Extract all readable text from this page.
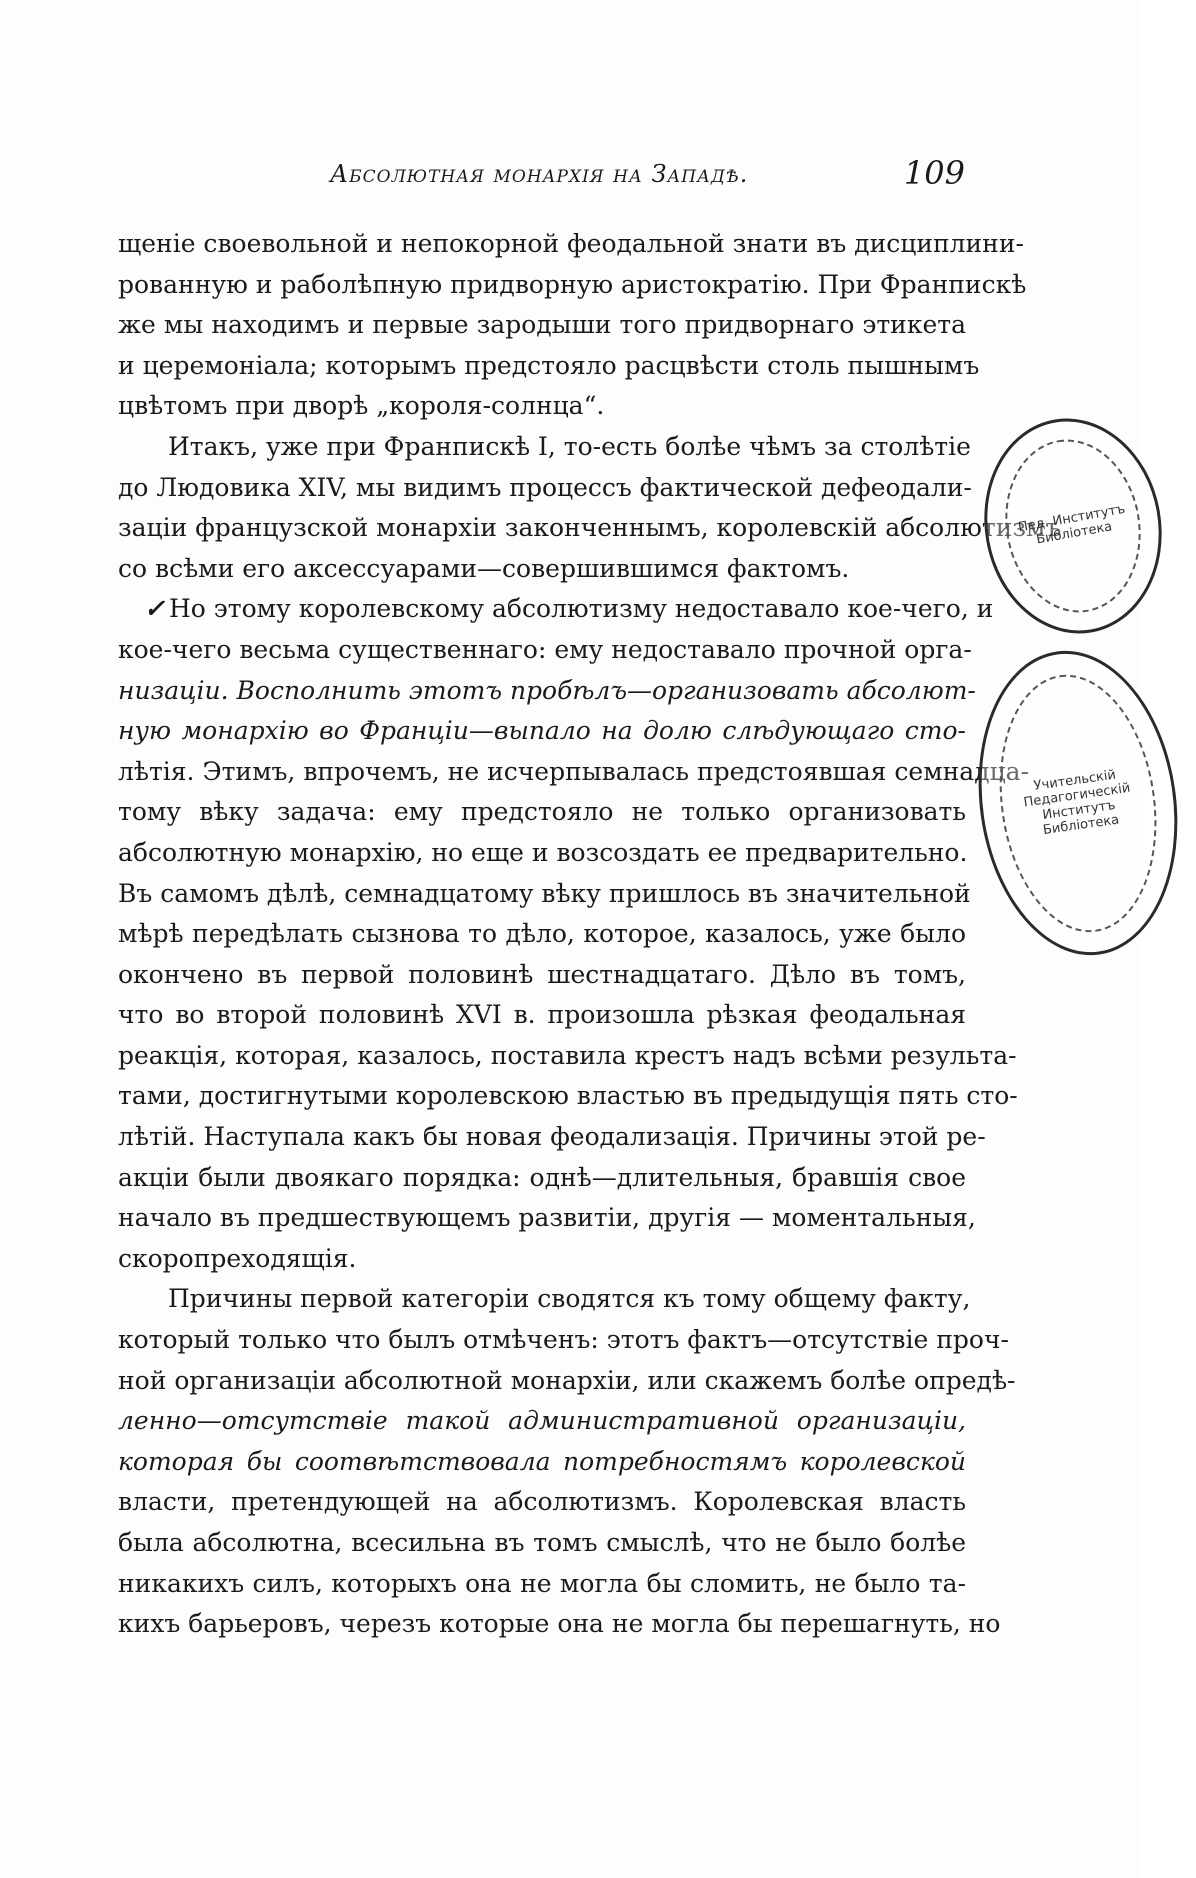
Абсолютная монархія на Западѣ.	109
щеніе своевольной и непокорной феодальной знати въ дисциплини-
рованную и раболѣпную придворную аристократію. При Франпискѣ
же мы находимъ и первые зародыши того придворнаго этикета
и церемоніала; которымъ предстояло расцвѣсти столь пышнымъ
цвѣтомъ при дворѣ „короля-солнца“.
Итакъ, уже при Франпискѣ I, то-есть болѣе чѣмъ за столѣтіе
до Людовика XIV, мы видимъ процессъ фактической дефеодали-
заціи французской монархіи законченнымъ, королевскій абсолютизмъ
со всѣми его аксессуарами—совершившимся фактомъ.
✓ Но этому королевскому абсолютизму недоставало кое-чего, и
кое-чего весьма существеннаго: ему недоставало прочной орга-
низаціи. Восполнить этотъ пробѣлъ—организовать абсолют-
ную монархію во Франціи—выпало на долю слѣдующаго сто-
лѣтія. Этимъ, впрочемъ, не исчерпывалась предстоявшая семнадца-
тому вѣку задача: ему предстояло не только организовать
абсолютную монархію, но еще и возсоздать ее предварительно.
Въ самомъ дѣлѣ, семнадцатому вѣку пришлось въ значительной
мѣрѣ передѣлать сызнова то дѣло, которое, казалось, уже было
окончено въ первой половинѣ шестнадцатаго. Дѣло въ томъ,
что во второй половинѣ XVI в. произошла рѣзкая феодальная
реакція, которая, казалось, поставила крестъ надъ всѣми результа-
тами, достигнутыми королевскою властью въ предыдущія пять сто-
лѣтій. Наступала какъ бы новая феодализація. Причины этой ре-
акціи были двоякаго порядка: однѣ—длительныя, бравшія свое
начало въ предшествующемъ развитіи, другія — моментальныя,
скоропреходящія.
Причины первой категоріи сводятся къ тому общему факту,
который только что былъ отмѣченъ: этотъ фактъ—отсутствіе проч-
ной организаціи абсолютной монархіи, или скажемъ болѣе опредѣ-
ленно—отсутствіе такой административной организаціи,
которая бы соотвѣтствовала потребностямъ королевской
власти, претендующей на абсолютизмъ. Королевская власть
была абсолютна, всесильна въ томъ смыслѣ, что не было болѣе
никакихъ силъ, которыхъ она не могла бы сломить, не было та-
кихъ барьеровъ, черезъ которые она не могла бы перешагнуть, но
Пед. Институтъ Библіотека
Учительскій Педагогическій Институтъ Библіотека
